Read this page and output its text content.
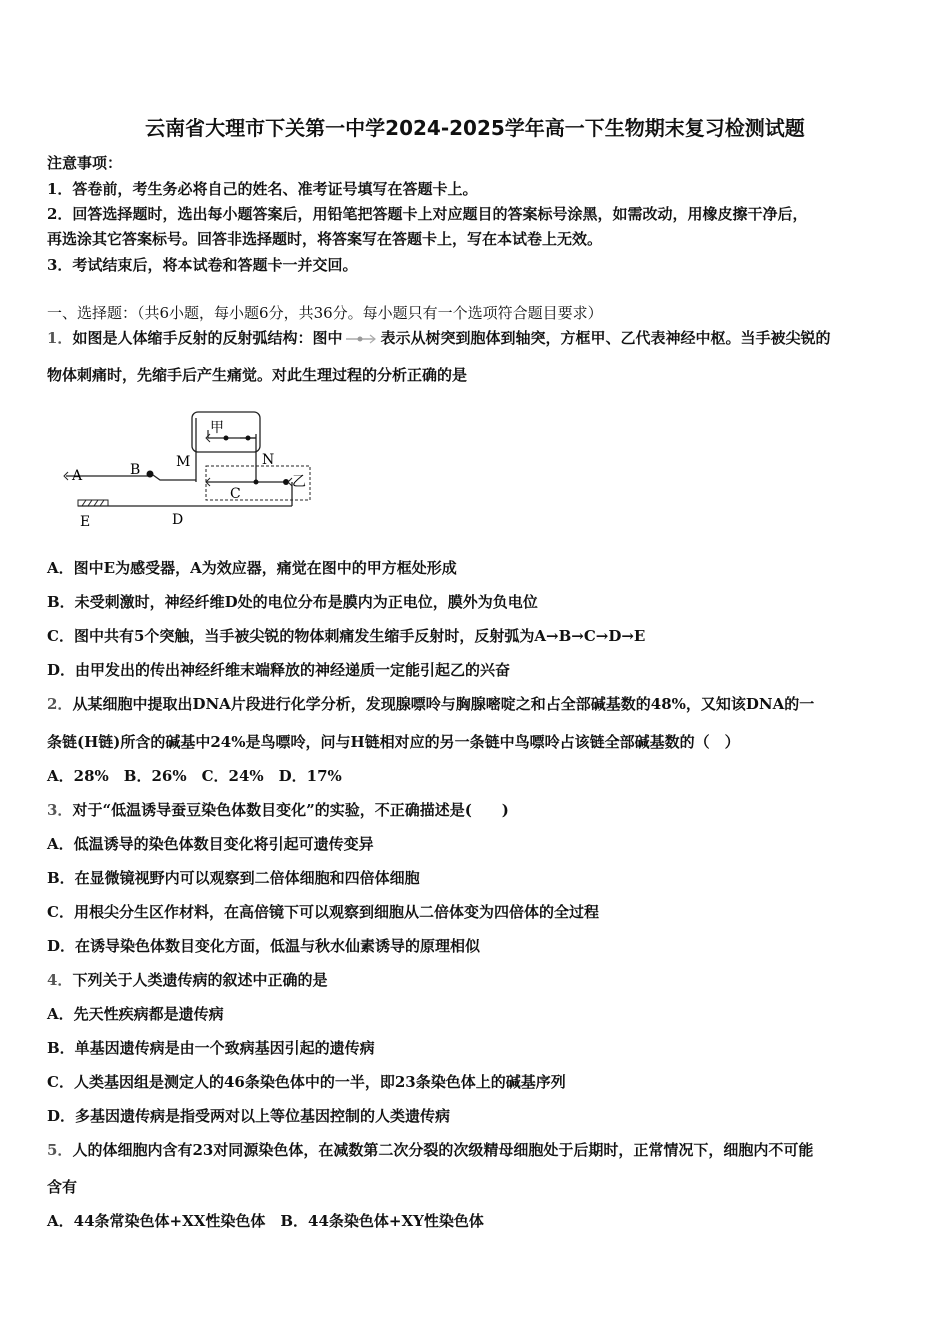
云南省大理市下关第一中学2024-2025学年高一下生物期末复习检测试题
注意事项：
1．答卷前，考生务必将自己的姓名、准考证号填写在答题卡上。
2．回答选择题时，选出每小题答案后，用铅笔把答题卡上对应题目的答案标号涂黑，如需改动，用橡皮擦干净后，
再选涂其它答案标号。回答非选择题时，将答案写在答题卡上，写在本试卷上无效。
3．考试结束后，将本试卷和答题卡一并交回。
一、选择题：（共6小题，每小题6分，共36分。每小题只有一个选项符合题目要求）
1．如图是人体缩手反射的反射弧结构：图中	表示从树突到胞体到轴突，方框甲、乙代表神经中枢。当手被尖锐的
物体刺痛时，先缩手后产生痛觉。对此生理过程的分析正确的是
A	B	M	N
C
D
E
甲
乙
A．图中E为感受器，A为效应器，痛觉在图中的甲方框处形成
B．未受刺激时，神经纤维D处的电位分布是膜内为正电位，膜外为负电位
C．图中共有5个突触，当手被尖锐的物体刺痛发生缩手反射时，反射弧为A→B→C→D→E
D．由甲发出的传出神经纤维末端释放的神经递质一定能引起乙的兴奋
2．从某细胞中提取出DNA片段进行化学分析，发现腺嘌呤与胸腺嘧啶之和占全部碱基数的48%，又知该DNA的一
条链(H链)所含的碱基中24%是鸟嘌呤，问与H链相对应的另一条链中鸟嘌呤占该链全部碱基数的（　）
A．28%　B．26%　C．24%　D．17%
3．对于“低温诱导蚕豆染色体数目变化”的实验，不正确描述是(　　)
A．低温诱导的染色体数目变化将引起可遗传变异
B．在显微镜视野内可以观察到二倍体细胞和四倍体细胞
C．用根尖分生区作材料，在高倍镜下可以观察到细胞从二倍体变为四倍体的全过程
D．在诱导染色体数目变化方面，低温与秋水仙素诱导的原理相似
4．下列关于人类遗传病的叙述中正确的是
A．先天性疾病都是遗传病
B．单基因遗传病是由一个致病基因引起的遗传病
C．人类基因组是测定人的46条染色体中的一半，即23条染色体上的碱基序列
D．多基因遗传病是指受两对以上等位基因控制的人类遗传病
5．人的体细胞内含有23对同源染色体，在减数第二次分裂的次级精母细胞处于后期时，正常情况下，细胞内不可能
含有
A．44条常染色体+XX性染色体　B．44条染色体+XY性染色体
